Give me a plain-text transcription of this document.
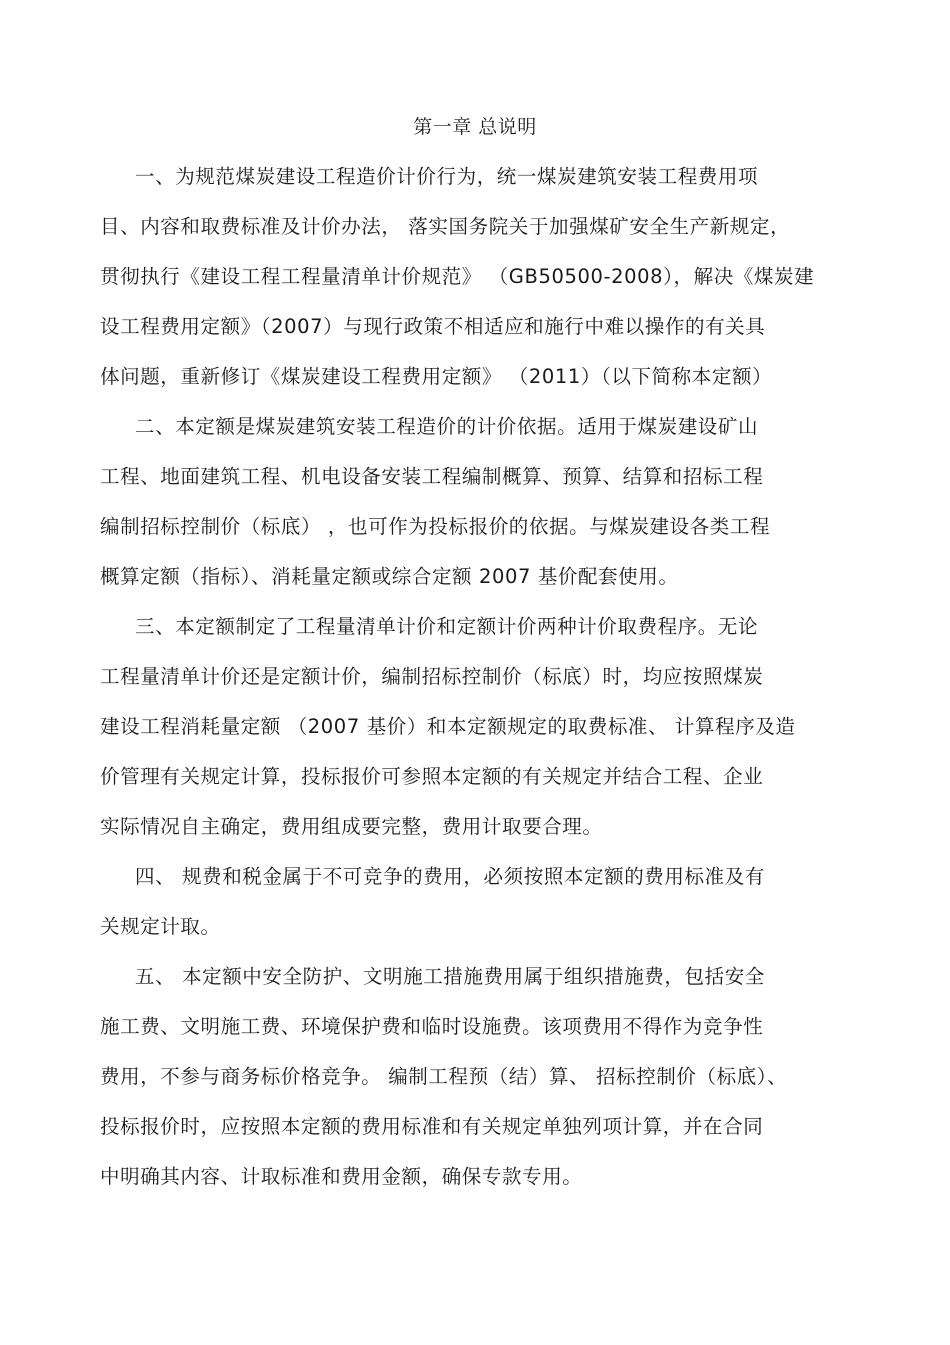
第一章 总说明
一、为规范煤炭建设工程造价计价行为，统一煤炭建筑安装工程费用项
目、内容和取费标准及计价办法， 落实国务院关于加强煤矿安全生产新规定，
贯彻执行《建设工程工程量清单计价规范》 （GB50500-2008），解决《煤炭建
设工程费用定额》（2007）与现行政策不相适应和施行中难以操作的有关具
体问题，重新修订《煤炭建设工程费用定额》 （2011）（以下简称本定额）
二、本定额是煤炭建筑安装工程造价的计价依据。适用于煤炭建设矿山
工程、地面建筑工程、机电设备安装工程编制概算、预算、结算和招标工程
编制招标控制价（标底） ，也可作为投标报价的依据。与煤炭建设各类工程
概算定额（指标）、消耗量定额或综合定额 2007 基价配套使用。
三、本定额制定了工程量清单计价和定额计价两种计价取费程序。无论
工程量清单计价还是定额计价，编制招标控制价（标底）时，均应按照煤炭
建设工程消耗量定额 （2007 基价）和本定额规定的取费标准、 计算程序及造
价管理有关规定计算，投标报价可参照本定额的有关规定并结合工程、企业
实际情况自主确定，费用组成要完整，费用计取要合理。
四、 规费和税金属于不可竞争的费用，必须按照本定额的费用标准及有
关规定计取。
五、 本定额中安全防护、文明施工措施费用属于组织措施费，包括安全
施工费、文明施工费、环境保护费和临时设施费。该项费用不得作为竞争性
费用，不参与商务标价格竞争。 编制工程预（结）算、 招标控制价（标底）、
投标报价时，应按照本定额的费用标准和有关规定单独列项计算，并在合同
中明确其内容、计取标准和费用金额，确保专款专用。
